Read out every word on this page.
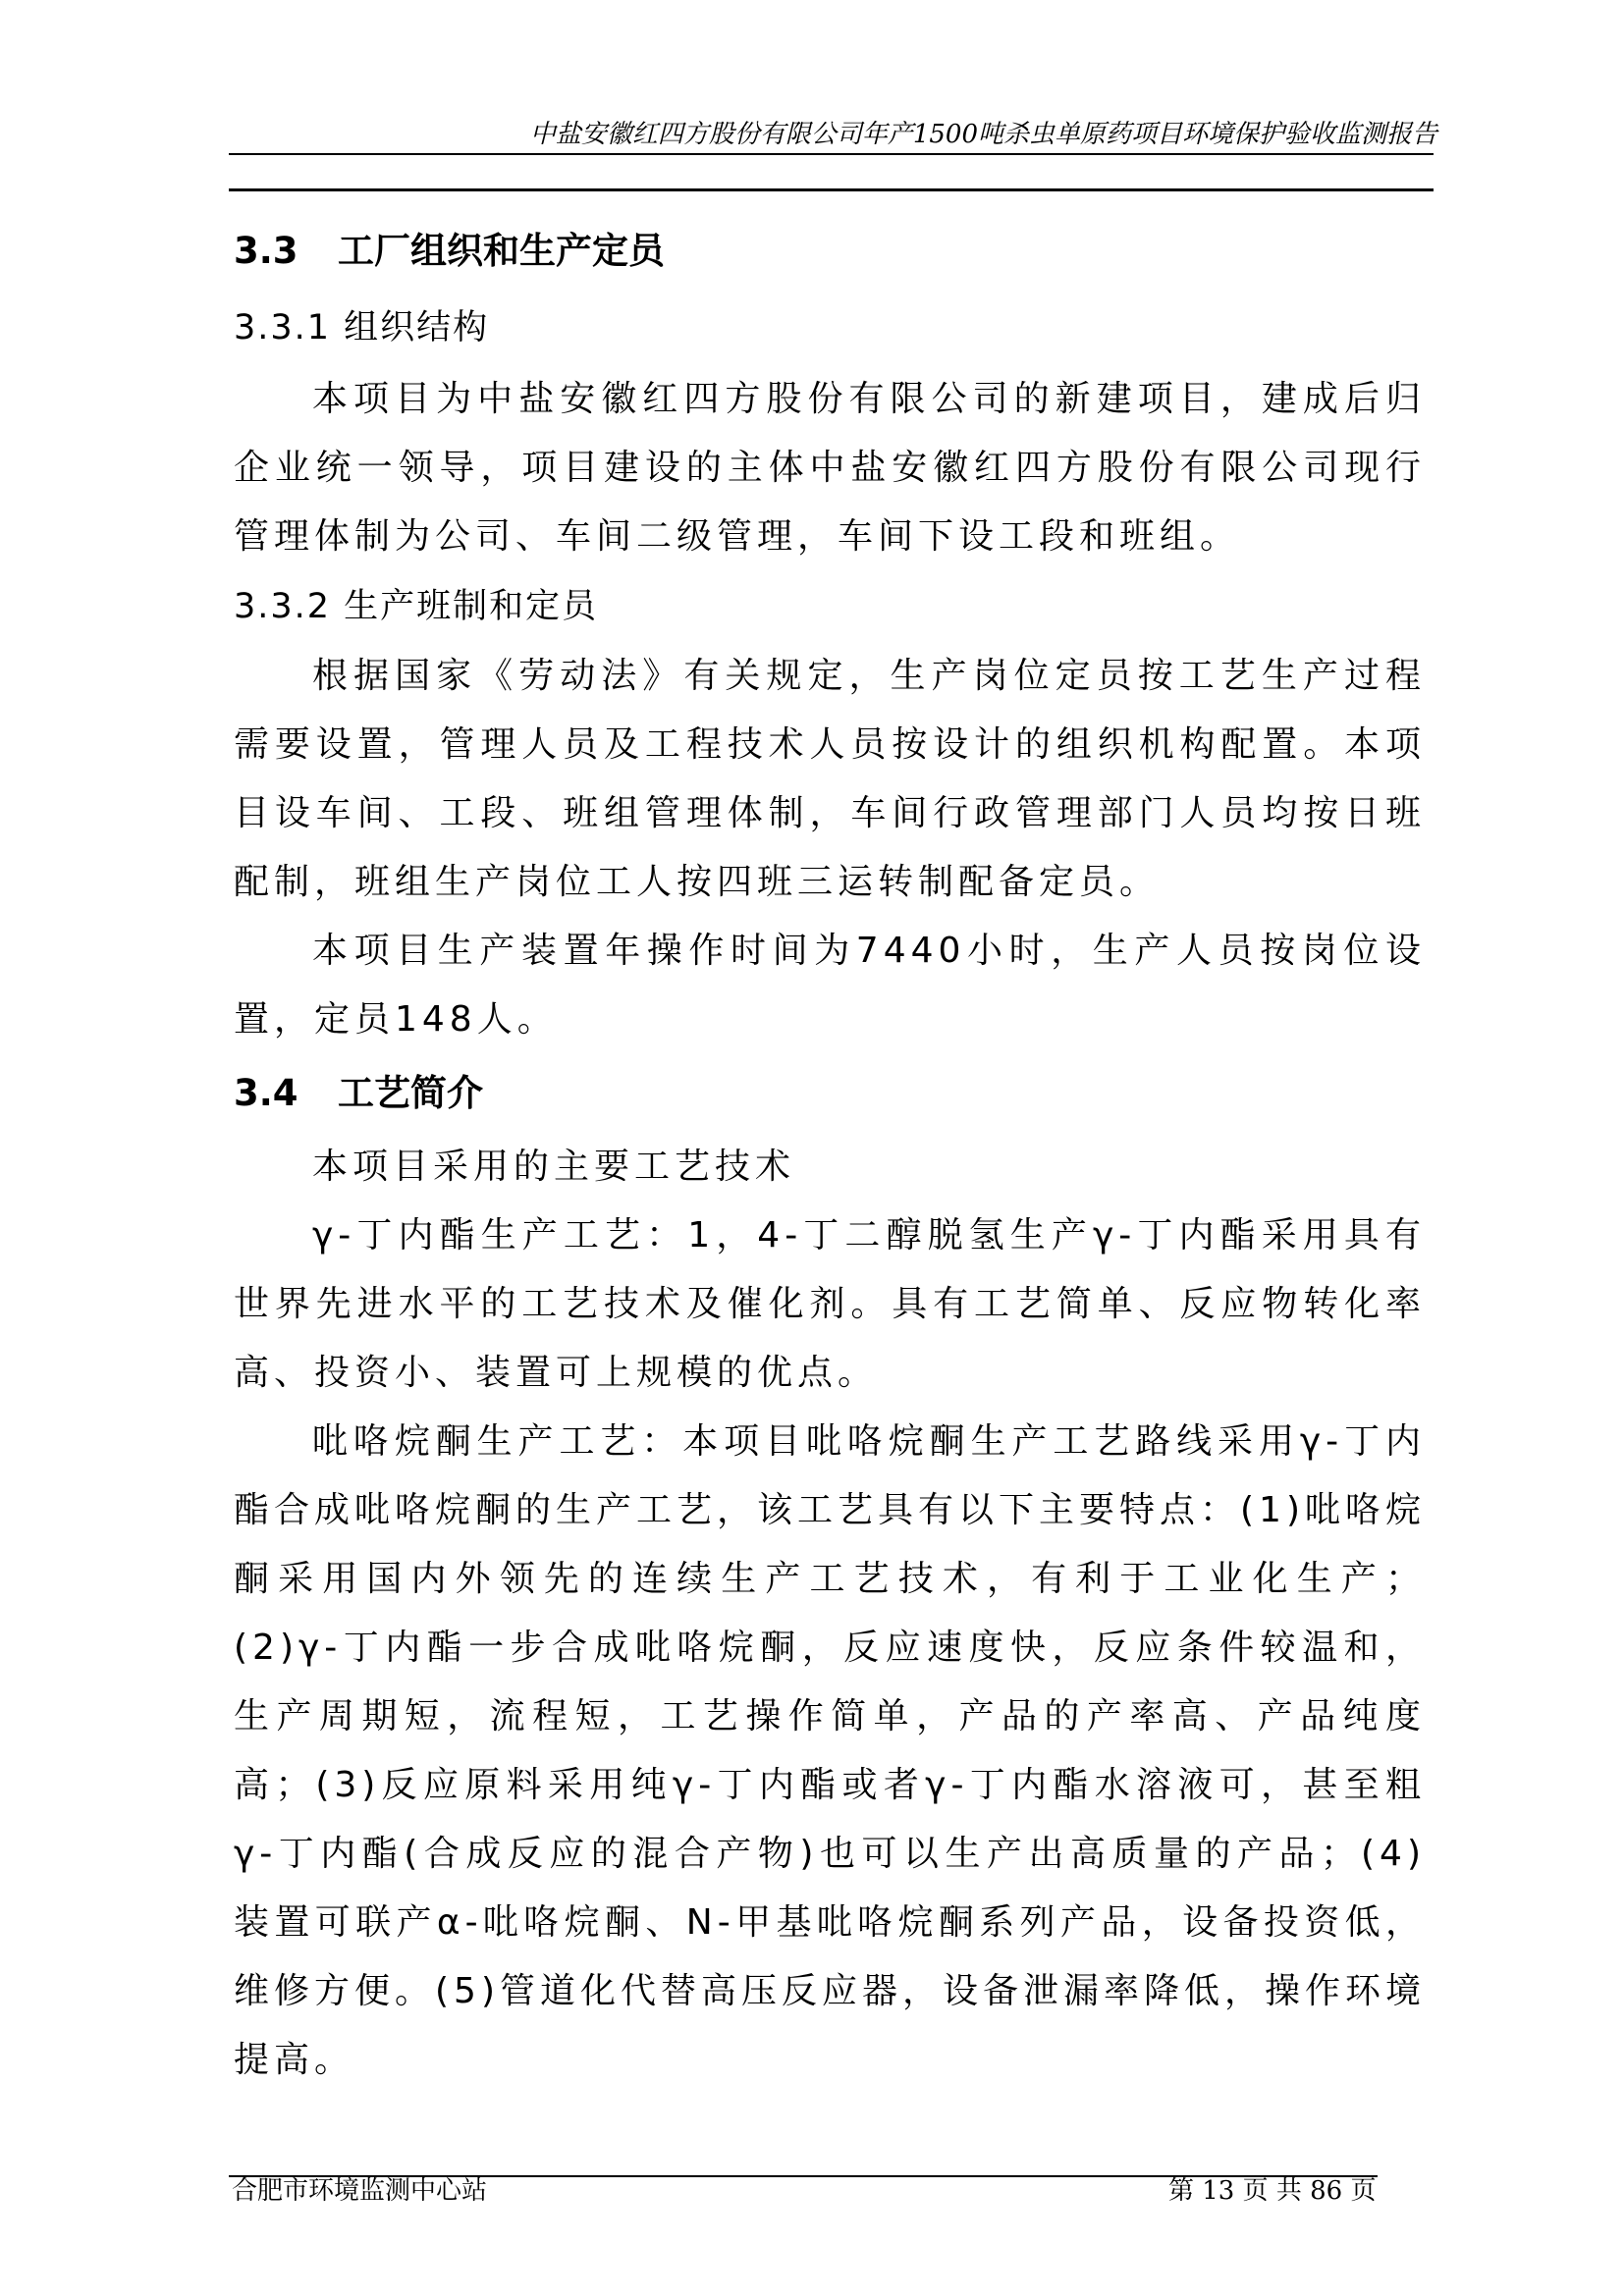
中盐安徽红四方股份有限公司年产1500吨杀虫单原药项目环境保护验收监测报告
3.3 工厂组织和生产定员
3.3.1 组织结构
本项目为中盐安徽红四方股份有限公司的新建项目，建成后归企业统一领导，项目建设的主体中盐安徽红四方股份有限公司现行管理体制为公司、车间二级管理，车间下设工段和班组。
3.3.2 生产班制和定员
根据国家《劳动法》有关规定，生产岗位定员按工艺生产过程需要设置，管理人员及工程技术人员按设计的组织机构配置。本项目设车间、工段、班组管理体制，车间行政管理部门人员均按日班配制，班组生产岗位工人按四班三运转制配备定员。
本项目生产装置年操作时间为7440小时，生产人员按岗位设置，定员148人。
3.4 工艺简介
本项目采用的主要工艺技术
γ-丁内酯生产工艺：1，4-丁二醇脱氢生产γ-丁内酯采用具有世界先进水平的工艺技术及催化剂。具有工艺简单、反应物转化率高、投资小、装置可上规模的优点。
吡咯烷酮生产工艺：本项目吡咯烷酮生产工艺路线采用γ-丁内酯合成吡咯烷酮的生产工艺，该工艺具有以下主要特点：(1)吡咯烷酮采用国内外领先的连续生产工艺技术，有利于工业化生产；(2)γ-丁内酯一步合成吡咯烷酮，反应速度快，反应条件较温和，生产周期短，流程短，工艺操作简单，产品的产率高、产品纯度高；(3)反应原料采用纯γ-丁内酯或者γ-丁内酯水溶液可，甚至粗γ-丁内酯(合成反应的混合产物)也可以生产出高质量的产品；(4)装置可联产α-吡咯烷酮、N-甲基吡咯烷酮系列产品，设备投资低，维修方便。(5)管道化代替高压反应器，设备泄漏率降低，操作环境提高。
合肥市环境监测中心站	第 13 页 共 86 页
